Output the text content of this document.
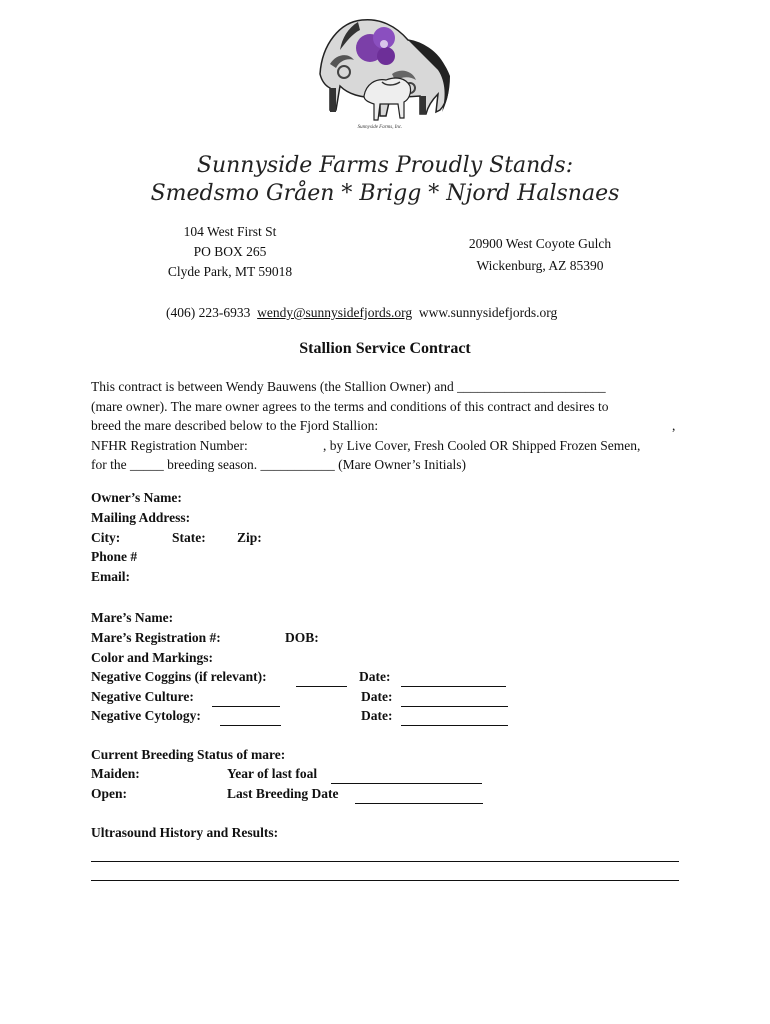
Sunnyside Farms, Inc.
Sunnyside Farms Proudly Stands:
Smedsmo Gråen * Brigg * Njord Halsnaes
104 West First St
PO BOX 265
Clyde Park, MT 59018
20900 West Coyote Gulch
Wickenburg, AZ 85390
(406) 223-6933 wendy@sunnysidefjords.org www.sunnysidefjords.org
Stallion Service Contract
This contract is between Wendy Bauwens (the Stallion Owner) and ______________________
(mare owner). The mare owner agrees to the terms and conditions of this contract and desires to
breed the mare described below to the Fjord Stallion:	,
NFHR Registration Number:	, by Live Cover, Fresh Cooled OR Shipped Frozen Semen,
for the _____ breeding season. ___________ (Mare Owner’s Initials)
Owner’s Name:
Mailing Address:
City:	State: Zip:
Phone #
Email:
Mare’s Name:
Mare’s Registration #:	DOB:
Color and Markings:
Negative Coggins (if relevant):	Date:
Negative Culture:	Date:
Negative Cytology:	Date:
Current Breeding Status of mare:
Maiden:	Year of last foal
Open:	Last Breeding Date
Ultrasound History and Results:
